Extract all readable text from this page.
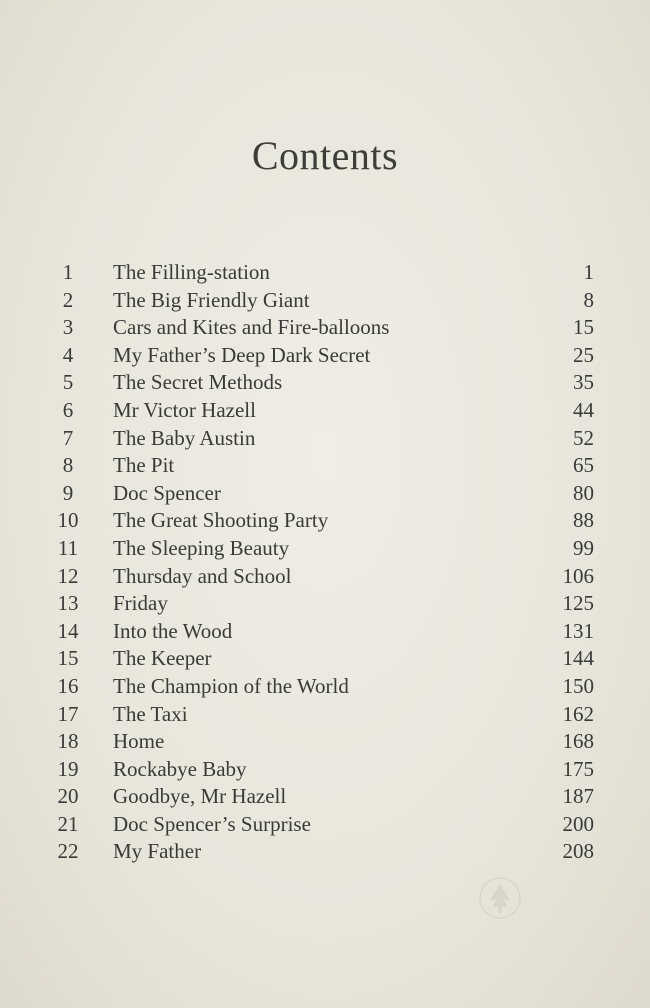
Contents
1	The Filling-station	1
2	The Big Friendly Giant	8
3	Cars and Kites and Fire-balloons	15
4	My Father’s Deep Dark Secret	25
5	The Secret Methods	35
6	Mr Victor Hazell	44
7	The Baby Austin	52
8	The Pit	65
9	Doc Spencer	80
10	The Great Shooting Party	88
11	The Sleeping Beauty	99
12	Thursday and School	106
13	Friday	125
14	Into the Wood	131
15	The Keeper	144
16	The Champion of the World	150
17	The Taxi	162
18	Home	168
19	Rockabye Baby	175
20	Goodbye, Mr Hazell	187
21	Doc Spencer’s Surprise	200
22	My Father	208
